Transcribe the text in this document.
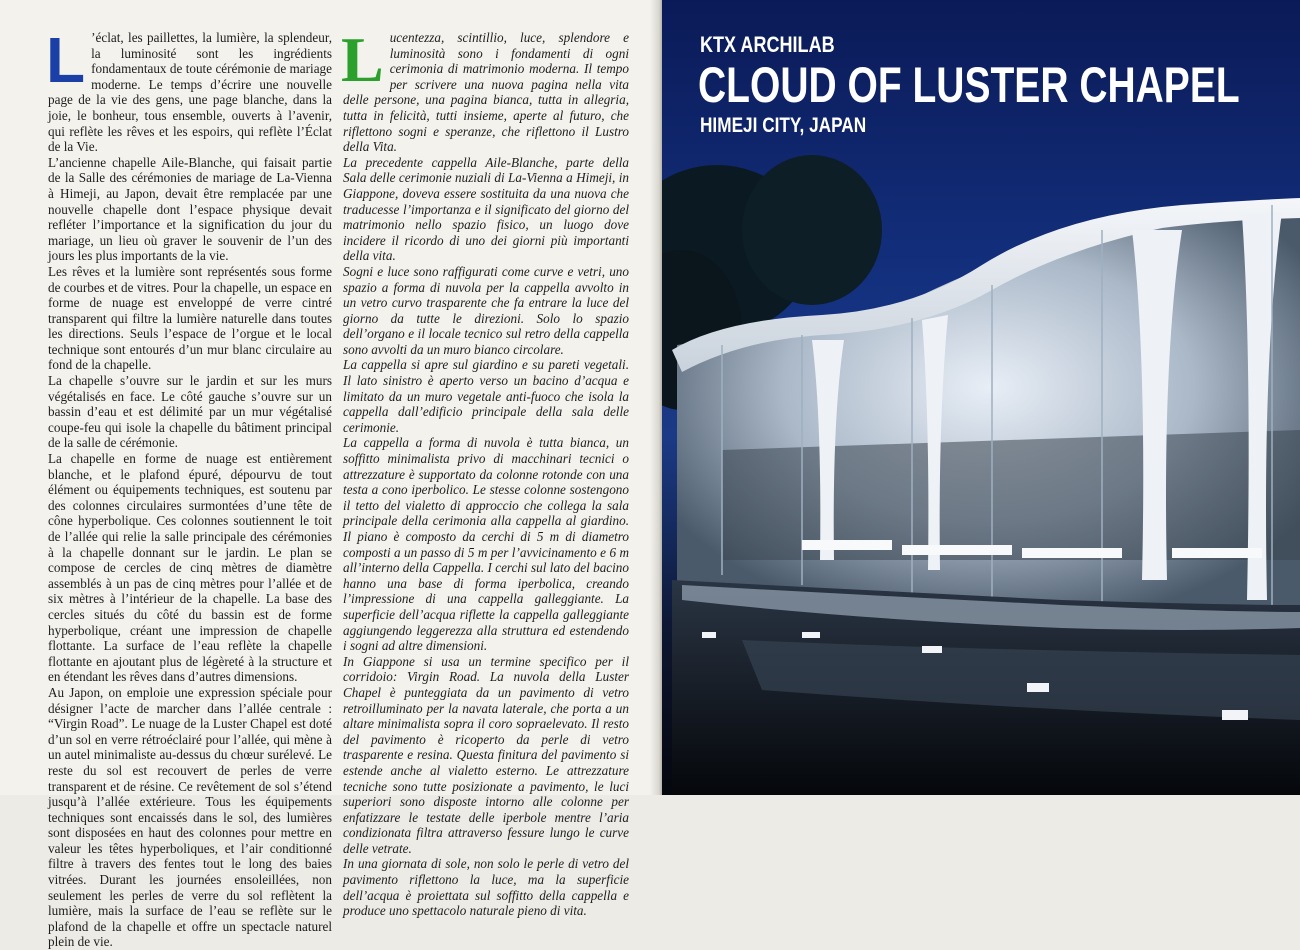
L ’éclat, les paillettes, la lumière, la splendeur, la luminosité sont les ingrédients fondamentaux de toute cérémonie de mariage moderne. Le temps d’écrire une nouvelle page de la vie des gens, une page blanche, dans la joie, le bonheur, tous ensemble, ouverts à l’avenir, qui reflète les rêves et les espoirs, qui reflète l’Éclat de la Vie.

L’ancienne chapelle Aile-Blanche, qui faisait partie de la Salle des cérémonies de mariage de La-Vienna à Himeji, au Japon, devait être remplacée par une nouvelle chapelle dont l’espace physique devait refléter l’importance et la signification du jour du mariage, un lieu où graver le souvenir de l’un des jours les plus importants de la vie.

Les rêves et la lumière sont représentés sous forme de courbes et de vitres. Pour la chapelle, un espace en forme de nuage est enveloppé de verre cintré transparent qui filtre la lumière naturelle dans toutes les directions. Seuls l’espace de l’orgue et le local technique sont entourés d’un mur blanc circulaire au fond de la chapelle.

La chapelle s’ouvre sur le jardin et sur les murs végétalisés en face. Le côté gauche s’ouvre sur un bassin d’eau et est délimité par un mur végétalisé coupe-feu qui isole la chapelle du bâtiment principal de la salle de cérémonie.

La chapelle en forme de nuage est entièrement blanche, et le plafond épuré, dépourvu de tout élément ou équipements techniques, est soutenu par des colonnes circulaires surmontées d’une tête de cône hyperbolique. Ces colonnes soutiennent le toit de l’allée qui relie la salle principale des cérémonies à la chapelle donnant sur le jardin. Le plan se compose de cercles de cinq mètres de diamètre assemblés à un pas de cinq mètres pour l’allée et de six mètres à l’intérieur de la chapelle. La base des cercles situés du côté du bassin est de forme hyperbolique, créant une impression de chapelle flottante. La surface de l’eau reflète la chapelle flottante en ajoutant plus de légèreté à la structure et en étendant les rêves dans d’autres dimensions.

Au Japon, on emploie une expression spéciale pour désigner l’acte de marcher dans l’allée centrale : “Virgin Road”. Le nuage de la Luster Chapel est doté d’un sol en verre rétroéclairé pour l’allée, qui mène à un autel minimaliste au-dessus du chœur surélevé. Le reste du sol est recouvert de perles de verre transparent et de résine. Ce revêtement de sol s’étend jusqu’à l’allée extérieure. Tous les équipements techniques sont encaissés dans le sol, des lumières sont disposées en haut des colonnes pour mettre en valeur les têtes hyperboliques, et l’air conditionné filtre à travers des fentes tout le long des baies vitrées. Durant les journées ensoleillées, non seulement les perles de verre du sol reflètent la lumière, mais la surface de l’eau se reflète sur le plafond de la chapelle et offre un spectacle naturel plein de vie.

L ucentezza, scintillio, luce, splendore e luminosità sono i fondamenti di ogni cerimonia di matrimonio moderna. Il tempo per scrivere una nuova pagina nella vita delle persone, una pagina bianca, tutta in allegria, tutta in felicità, tutti insieme, aperte al futuro, che riflettono sogni e speranze, che riflettono il Lustro della Vita.

La precedente cappella Aile-Blanche, parte della Sala delle cerimonie nuziali di La-Vienna a Himeji, in Giappone, doveva essere sostituita da una nuova che traducesse l’importanza e il significato del giorno del matrimonio nello spazio fisico, un luogo dove incidere il ricordo di uno dei giorni più importanti della vita.

Sogni e luce sono raffigurati come curve e vetri, uno spazio a forma di nuvola per la cappella avvolto in un vetro curvo trasparente che fa entrare la luce del giorno da tutte le direzioni. Solo lo spazio dell’organo e il locale tecnico sul retro della cappella sono avvolti da un muro bianco circolare.

La cappella si apre sul giardino e su pareti vegetali. Il lato sinistro è aperto verso un bacino d’acqua e limitato da un muro vegetale anti-fuoco che isola la cappella dall’edificio principale della sala delle cerimonie.

La cappella a forma di nuvola è tutta bianca, un soffitto minimalista privo di macchinari tecnici o attrezzature è supportato da colonne rotonde con una testa a cono iperbolico. Le stesse colonne sostengono il tetto del vialetto di approccio che collega la sala principale della cerimonia alla cappella al giardino. Il piano è composto da cerchi di 5 m di diametro composti a un passo di 5 m per l’avvicinamento e 6 m all’interno della Cappella. I cerchi sul lato del bacino hanno una base di forma iperbolica, creando l’impressione di una cappella galleggiante. La superficie dell’acqua riflette la cappella galleggiante aggiungendo leggerezza alla struttura ed estendendo i sogni ad altre dimensioni.

In Giappone si usa un termine specifico per il corridoio: Virgin Road. La nuvola della Luster Chapel è punteggiata da un pavimento di vetro retroilluminato per la navata laterale, che porta a un altare minimalista sopra il coro sopraelevato. Il resto del pavimento è ricoperto da perle di vetro trasparente e resina. Questa finitura del pavimento si estende anche al vialetto esterno. Le attrezzature tecniche sono tutte posizionate a pavimento, le luci superiori sono disposte intorno alle colonne per enfatizzare le testate delle iperbole mentre l’aria condizionata filtra attraverso fessure lungo le curve delle vetrate.

In una giornata di sole, non solo le perle di vetro del pavimento riflettono la luce, ma la superficie dell’acqua è proiettata sul soffitto della cappella e produce uno spettacolo naturale pieno di vita.

KTX ARCHILAB
CLOUD OF LUSTER CHAPEL
HIMEJI CITY, JAPAN
